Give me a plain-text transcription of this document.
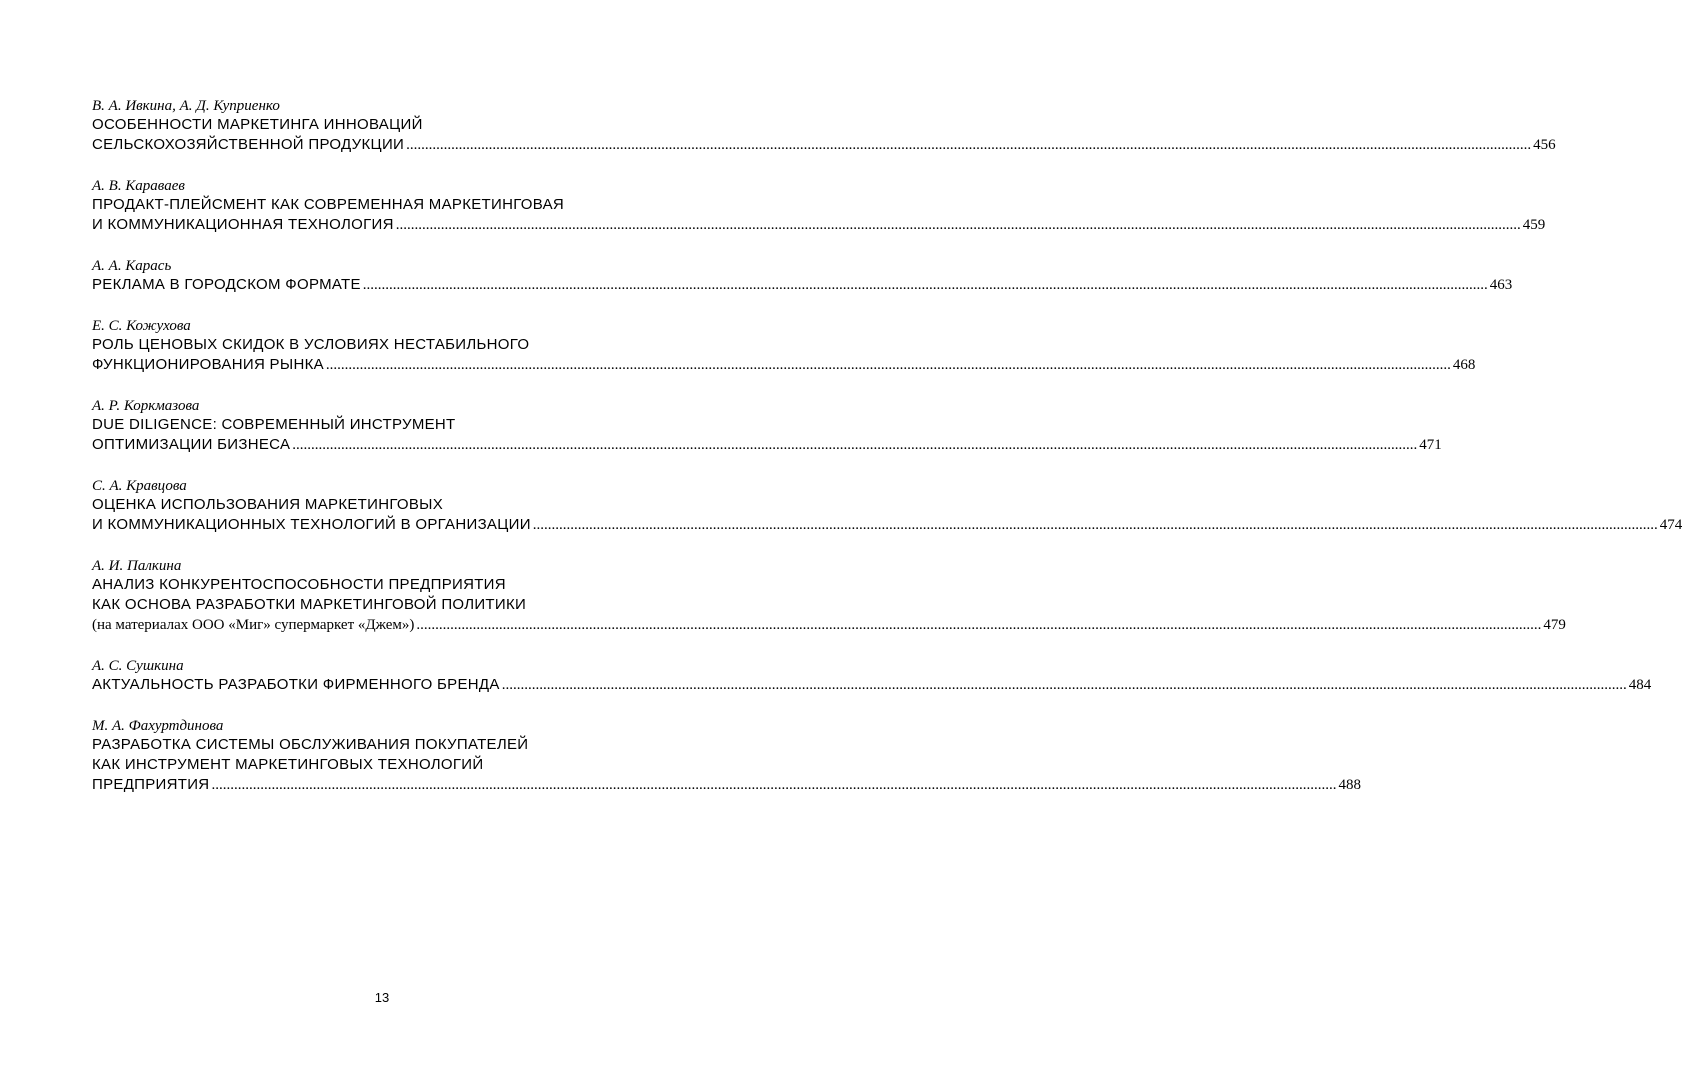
В. А. Ивкина, А. Д. Куприенко
ОСОБЕННОСТИ МАРКЕТИНГА ИННОВАЦИЙ
СЕЛЬСКОХОЗЯЙСТВЕННОЙ ПРОДУКЦИИ ............................................................................................................................................................................................................................................................................................................ 456
А. В. Караваев
ПРОДАКТ-ПЛЕЙСМЕНТ КАК СОВРЕМЕННАЯ МАРКЕТИНГОВАЯ
И КОММУНИКАЦИОННАЯ ТЕХНОЛОГИЯ ............................................................................................................................................................................................................................................................................................................ 459
А. А. Карась
РЕКЛАМА В ГОРОДСКОМ ФОРМАТЕ ............................................................................................................................................................................................................................................................................................................ 463
Е. С. Кожухова
РОЛЬ ЦЕНОВЫХ СКИДОК В УСЛОВИЯХ НЕСТАБИЛЬНОГО
ФУНКЦИОНИРОВАНИЯ РЫНКА ............................................................................................................................................................................................................................................................................................................ 468
А. Р. Коркмазова
DUE DILIGENCE: СОВРЕМЕННЫЙ ИНСТРУМЕНТ
ОПТИМИЗАЦИИ БИЗНЕСА ............................................................................................................................................................................................................................................................................................................ 471
С. А. Кравцова
ОЦЕНКА ИСПОЛЬЗОВАНИЯ МАРКЕТИНГОВЫХ
И КОММУНИКАЦИОННЫХ ТЕХНОЛОГИЙ В ОРГАНИЗАЦИИ ............................................................................................................................................................................................................................................................................................................ 474
А. И. Палкина
АНАЛИЗ КОНКУРЕНТОСПОСОБНОСТИ ПРЕДПРИЯТИЯ
КАК ОСНОВА РАЗРАБОТКИ МАРКЕТИНГОВОЙ ПОЛИТИКИ
(на материалах ООО «Миг» супермаркет «Джем») ............................................................................................................................................................................................................................................................................................................ 479
А. С. Сушкина
АКТУАЛЬНОСТЬ РАЗРАБОТКИ ФИРМЕННОГО БРЕНДА ............................................................................................................................................................................................................................................................................................................ 484
М. А. Фахуртдинова
РАЗРАБОТКА СИСТЕМЫ ОБСЛУЖИВАНИЯ ПОКУПАТЕЛЕЙ
КАК ИНСТРУМЕНТ МАРКЕТИНГОВЫХ ТЕХНОЛОГИЙ
ПРЕДПРИЯТИЯ ............................................................................................................................................................................................................................................................................................................ 488
13
